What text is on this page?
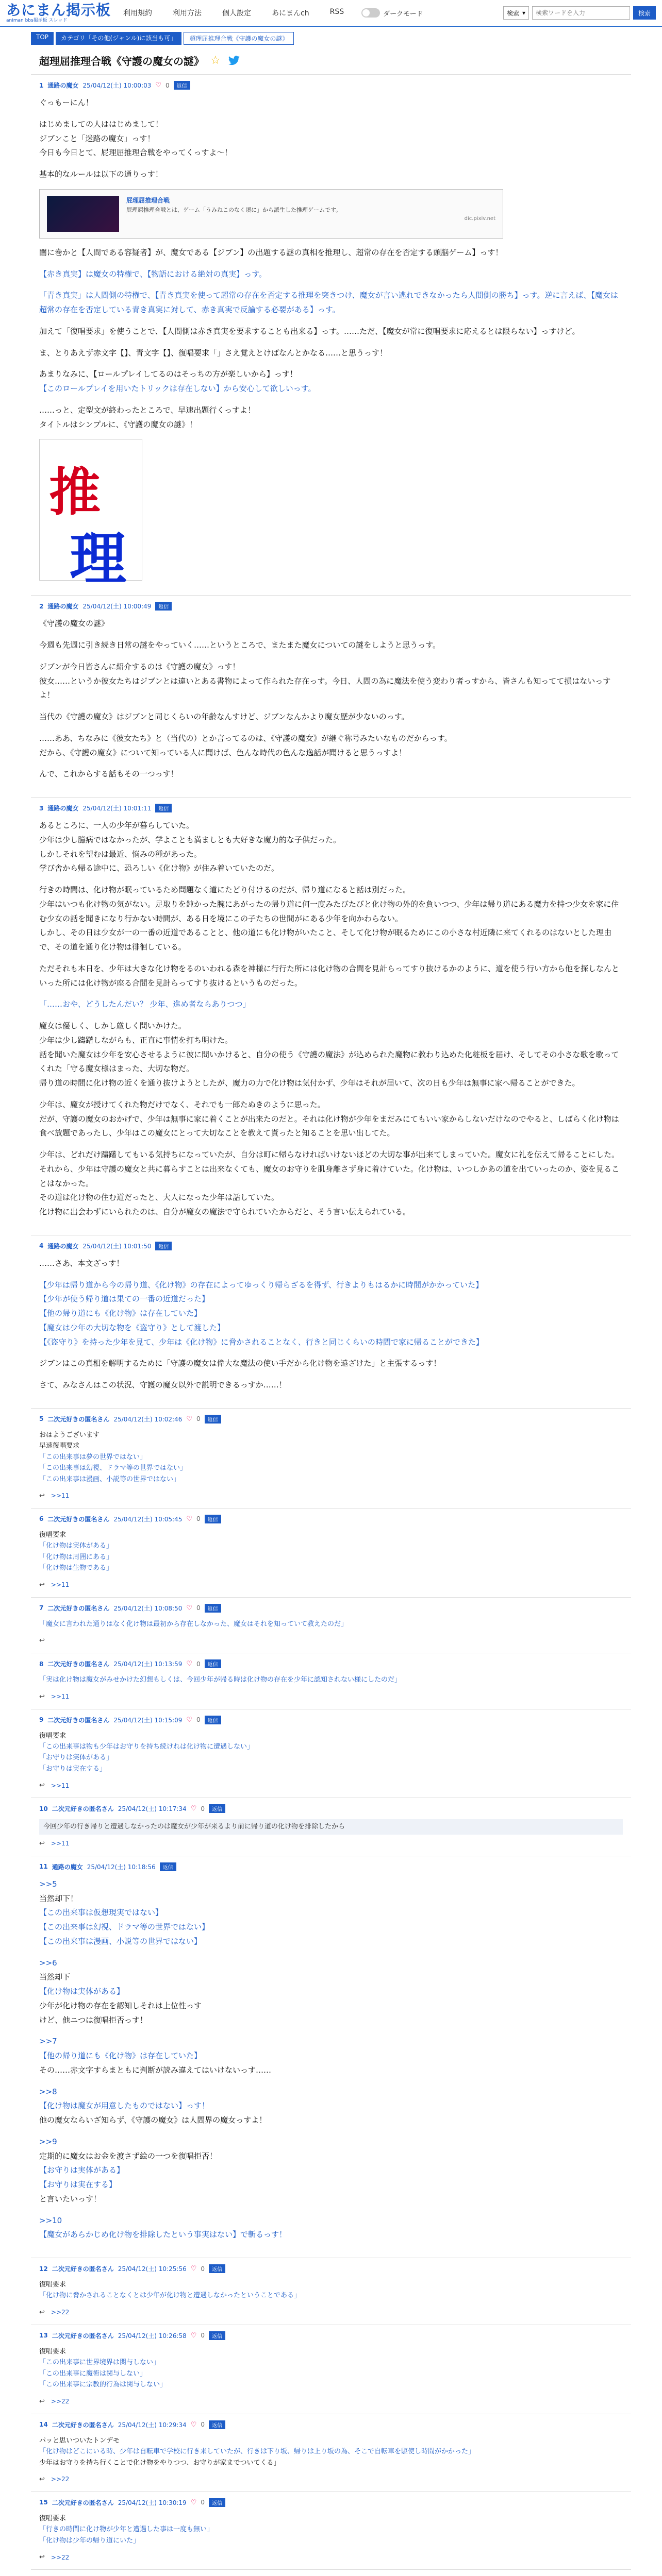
あにまん掲示板
animan bbs掲示板 スレッド
利用規約	利用方法	個人設定	あにまんch	RSS	ダークモード	検索 ▾
検索ワードを入力	検索
TOP	カテゴリ「その他(ジャンル)に該当も可」	超理屈推理合戦《守護の魔女の謎》
超理屈推理合戦《守護の魔女の謎》 ☆
1 通路の魔女 25/04/12(土) 10:00:03 ♡ 0	返信

ぐっもーにん！

はじめましての人ははじめまして！
ジブンこと「迷路の魔女」っす！
今日も今日とて、屁理屈推理合戦をやってくっすよ〜！

基本的なルールは以下の通りっす！

屁理屈推理合戦
屁理屈推理合戦とは、ゲーム「うみねこのなく頃に」から派生した推理ゲームです。
dic.pixiv.net

闇に巻かと【人間である容疑者】が、魔女である【ジブン】の出題する謎の真相を推理し、超常の存在を否定する頭脳ゲーム】っす！

【赤き真実】は魔女の特権で、【物語における絶対の真実】っす。

「青き真実」は人間側の特権で、【青き真実を使って超常の存在を否定する推理を突きつけ、魔女が言い逃れできなかったら人間側の勝ち】っす。逆に言えば、【魔女は超常の存在を否定している青き真実に対して、赤き真実で反論する必要がある】っす。

加えて「復唱要求」を使うことで、【人間側は赤き真実を要求することも出来る】っす。……ただ、【魔女が常に復唱要求に応えるとは限らない】っすけど。

ま、とりあえず赤文字【】、青文字【】、復唱要求「」さえ覚えとけばなんとかなる……と思うっす！

あまりなみに、【ロールプレイしてるのはそっちの方が楽しいから】っす！
【このロールプレイを用いたトリックは存在しない】から安心して欲しいっす。

……っと、定型文が終わったところで、早速出題行くっすよ！
タイトルはシンプルに、《守護の魔女の謎》！

推
理
2 通路の魔女 25/04/12(土) 10:00:49	返信

《守護の魔女の謎》

今週も先週に引き続き日常の謎をやっていく……というところで、またまた魔女についての謎をしようと思うっす。

ジブンが今日皆さんに紹介するのは《守護の魔女》っす！
彼女……というか彼女たちはジブンとは違いとある書物によって作られた存在っす。今日、人間の為に魔法を使う変わり者っすから、皆さんも知ってて損はないっすよ！

当代の《守護の魔女》はジブンと同じくらいの年齢なんすけど、ジブンなんかより魔女歴が少ないのっす。

……ああ、ちなみに《彼女たち》と（当代の）とか言ってるのは、《守護の魔女》が継ぐ称号みたいなものだからっす。
だから、《守護の魔女》について知っている人に聞けば、色んな時代の色んな逸話が聞けると思うっすよ！

んで、これからする話もその一つっす！

3 通路の魔女 25/04/12(土) 10:01:11	返信

あるところに、一人の少年が暮らしていた。
少年は少し臆病ではなかったが、学よことも満ましとも大好きな魔力的な子供だった。
しかしそれを望むは最近、悩みの種があった。
学び舎から帰る途中に、恐ろしい《化け物》が住み着いていたのだ。

行きの時間は、化け物が眠っているため問題なく道にたどり付けるのだが、帰り道になると話は別だった。
少年はいつも化け物の気がない。足取りを鈍かった腕にあがったの帰り道に何一度みたびたびと化け物の外的を負いつつ、少年は帰り道にある魔力を持つ少女を家に住む少女の話を聞きになり行かない時間が、ある日を境にこの子たちの世間がにある少年を向かわらない。
しかし、その日は少女が一の一番の近道であることと、他の道にも化け物がいたこと、そして化け物が眠るためにこの小さな村近隣に来てくれるのはないとした理由で、その道を通り化け物は徘徊している。

ただそれも本日を、少年は大きな化け物をるのいわれる森を神様に行行た所には化け物の合間を見計らってすり抜けるかのように、道を使う行い方から他を探しなんといった所には化け物が座る合間を見計らってすり抜けるというものだった。

「……おや、どうしたんだい？ 少年、進め者ならありつつ」

魔女は優しく、しかし厳しく問いかけた。
少年は少し躊躇しながらも、正直に事情を打ち明けた。
話を聞いた魔女は少年を安心させるように彼に問いかけると、自分の使う《守護の魔法》が込められた魔物に教わり込めた化粧板を届け、そしてその小さな歌を歌ってくれた「守る魔女様はまった、大切な物だ。
帰り道の時間に化け物の近くを通り抜けようとしたが、魔力の力で化け物は気付かず、少年はそれが届いて、次の日も少年は無事に家へ帰ることができた。

少年は、魔女が授けてくれた物だけでなく、それでも一郎たぬきのように思った。
だが、守護の魔女のおかげで、少年は無事に家に着くことが出来たのだと。それは化け物が少年をまだみにてもいい家からしないだけなのでやると、しばらく化け物は食べ放題であったし、少年はこの魔女にとって大切なことを教えて貰ったと知ることを思い出してた。

少年は、どれだけ躊躇してもいる気持ちになっていたが、自分は町に帰らなければいけないほどの大切な事が出来てしまっていた。魔女に礼を伝えて帰ることにした。
それから、少年は守護の魔女と共に暮らすことは出来なくても、魔女のお守りを肌身離さず身に着けていた。化け物は、いつしかあの道を出ていったのか、姿を見ることはなかった。
その道は化け物の住む道だったと、大人になった少年は話していた。
化け物に出会わずにいられたのは、自分が魔女の魔法で守られていたからだと、そう言い伝えられている。

4 通路の魔女 25/04/12(土) 10:01:50	返信

……さあ、本文ざっす！

【少年は帰り道から今の帰り道、《化け物》の存在によってゆっくり帰らざるを得ず、行きよりもはるかに時間がかかっていた】
【少年が使う帰り道は果ての一番の近道だった】
【他の帰り道にも《化け物》は存在していた】
【魔女は少年の大切な物を《盗守り》として渡した】
【《盗守り》を持った少年を見て、少年は《化け物》に脅かされることなく、行きと同じくらいの時間で家に帰ることができた】

ジブンはこの真相を解明するために「守護の魔女は偉大な魔法の使い手だから化け物を遠ざけた」と主張するっす！

さて、みなさんはこの状況、守護の魔女以外で説明できるっすか……！

5 二次元好きの匿名さん 25/04/12(土) 10:02:46 ♡ 0	返信

おはようございます
早速復唱要求
「この出来事は夢の世界ではない」
「この出来事は幻視、ドラマ等の世界ではない」
「この出来事は漫画、小説等の世界ではない」

↩ >>11
6 二次元好きの匿名さん 25/04/12(土) 10:05:45 ♡ 0	返信

復唱要求
「化け物は実体がある」
「化け物は周囲にある」
「化け物は生物である」

↩ >>11
7 二次元好きの匿名さん 25/04/12(土) 10:08:50 ♡ 0	返信

「魔女に言われた通りはなく化け物は最初から存在しなかった、魔女はそれを知っていて教えたのだ」

↩
8 二次元好きの匿名さん 25/04/12(土) 10:13:59 ♡ 0	返信

「実は化け物は魔女がみせかけた幻想もしくは、今回少年が帰る時は化け物の存在を少年に認知されない様にしたのだ」

↩ >>11
9 二次元好きの匿名さん 25/04/12(土) 10:15:09 ♡ 0	返信

復唱要求
「この出来事は物も少年はお守りを持ち続けれは化け物に遭遇しない」
「お守りは実体がある」
「お守りは実在する」

↩ >>11
10 二次元好きの匿名さん 25/04/12(土) 10:17:34 ♡ 0	返信
今回少年の行き帰りと遭遇しなかったのは魔女が少年が来るより前に帰り道の化け物を排除したから
↩ >>11
11 通路の魔女 25/04/12(土) 10:18:56	返信

>>5
当然却下！
【この出来事は仮想現実ではない】
【この出来事は幻視、ドラマ等の世界ではない】
【この出来事は漫画、小説等の世界ではない】

>>6
当然却下
【化け物は実体がある】
少年が化け物の存在を認知しそれは上位性っす
けど、他ニつは復唱拒否っす！

>>7
【他の帰り道にも《化け物》は存在していた】
その……赤文字すらまともに判断が読み違えてはいけないっす……

>>8
【化け物は魔女が用意したものではない】っす！
他の魔女ならいざ知らず、《守護の魔女》は人間界の魔女っすよ！

>>9
定期的に魔女はお金を渡さず絵の一つを復唱拒否！
【お守りは実体がある】
【お守りは実在する】
と言いたいっす！

>>10
【魔女があらかじめ化け物を排除したという事実はない】で斬るっす！

12 二次元好きの匿名さん 25/04/12(土) 10:25:56 ♡ 0	返信

復唱要求
「化け物に脅かされることなくとは少年が化け物と遭遇しなかったということである」

↩ >>22
13 二次元好きの匿名さん 25/04/12(土) 10:26:58 ♡ 0	返信

復唱要求
「この出来事に世界境界は関与しない」
「この出来事に魔術は関与しない」
「この出来事に宗教的行為は関与しない」

↩ >>22
14 二次元好きの匿名さん 25/04/12(土) 10:29:34 ♡ 0	返信

パッと思いついたトンデモ
「化け物はどこにいる時、少年は自転車で学校に行き来していたが、行きは下り坂、帰りは上り坂の為、そこで自転車を駆使し時間がかかった」
少年はお守りを持ち行くことで化け物をやりつつ、お守りが家までついてくる」

↩ >>22
15 二次元好きの匿名さん 25/04/12(土) 10:30:19 ♡ 0	返信

復唱要求
「行きの時間に化け物が少年と遭遇した事は一度も無い」
「化け物は少年の帰り道にいた」

↩ >>22
